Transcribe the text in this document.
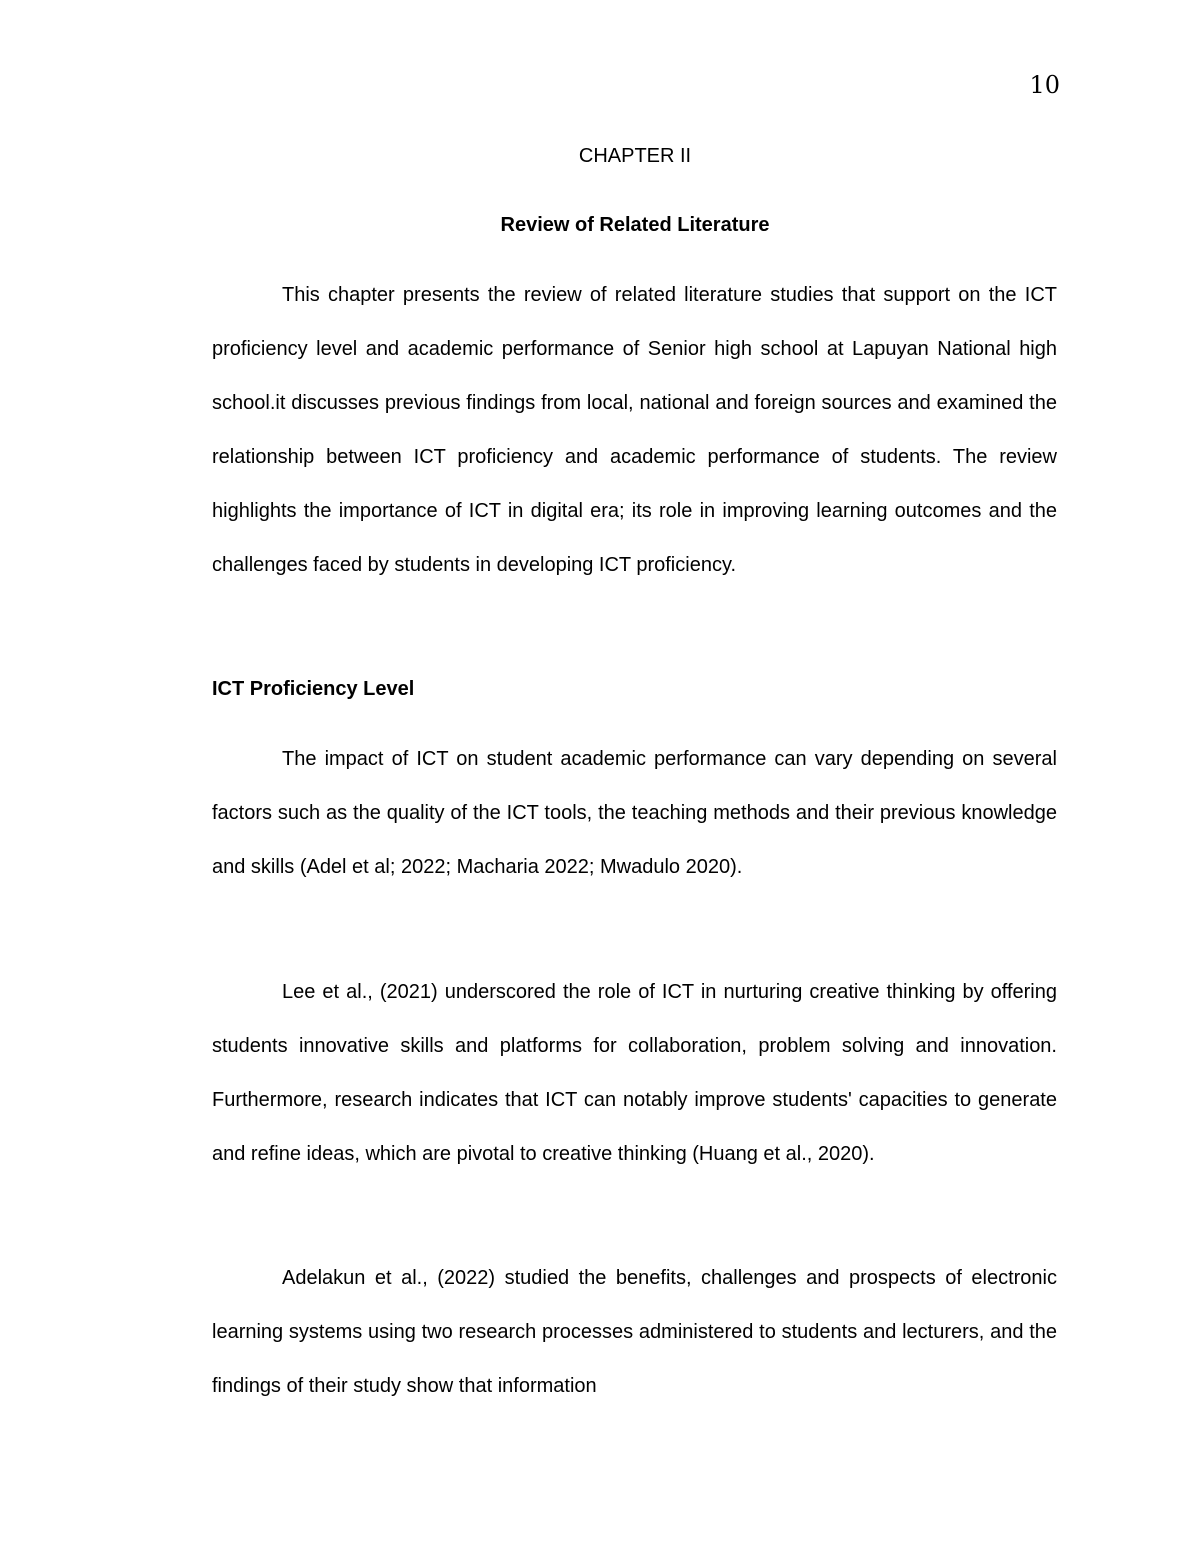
10
CHAPTER II
Review of Related Literature

This chapter presents the review of related literature studies that support on the ICT proficiency level and academic performance of Senior high school at Lapuyan National high school.it discusses previous findings from local, national and foreign sources and examined the relationship between ICT proficiency and academic performance of students. The review highlights the importance of ICT in digital era; its role in improving learning outcomes and the challenges faced by students in developing ICT proficiency.

ICT Proficiency Level

The impact of ICT on student academic performance can vary depending on several factors such as the quality of the ICT tools, the teaching methods and their previous knowledge and skills (Adel et al; 2022; Macharia 2022; Mwadulo 2020).

Lee et al., (2021) underscored the role of ICT in nurturing creative thinking by offering students innovative skills and platforms for collaboration, problem solving and innovation. Furthermore, research indicates that ICT can notably improve students' capacities to generate and refine ideas, which are pivotal to creative thinking (Huang et al., 2020).

Adelakun et al., (2022) studied the benefits, challenges and prospects of electronic learning systems using two research processes administered to students and lecturers, and the findings of their study show that information
